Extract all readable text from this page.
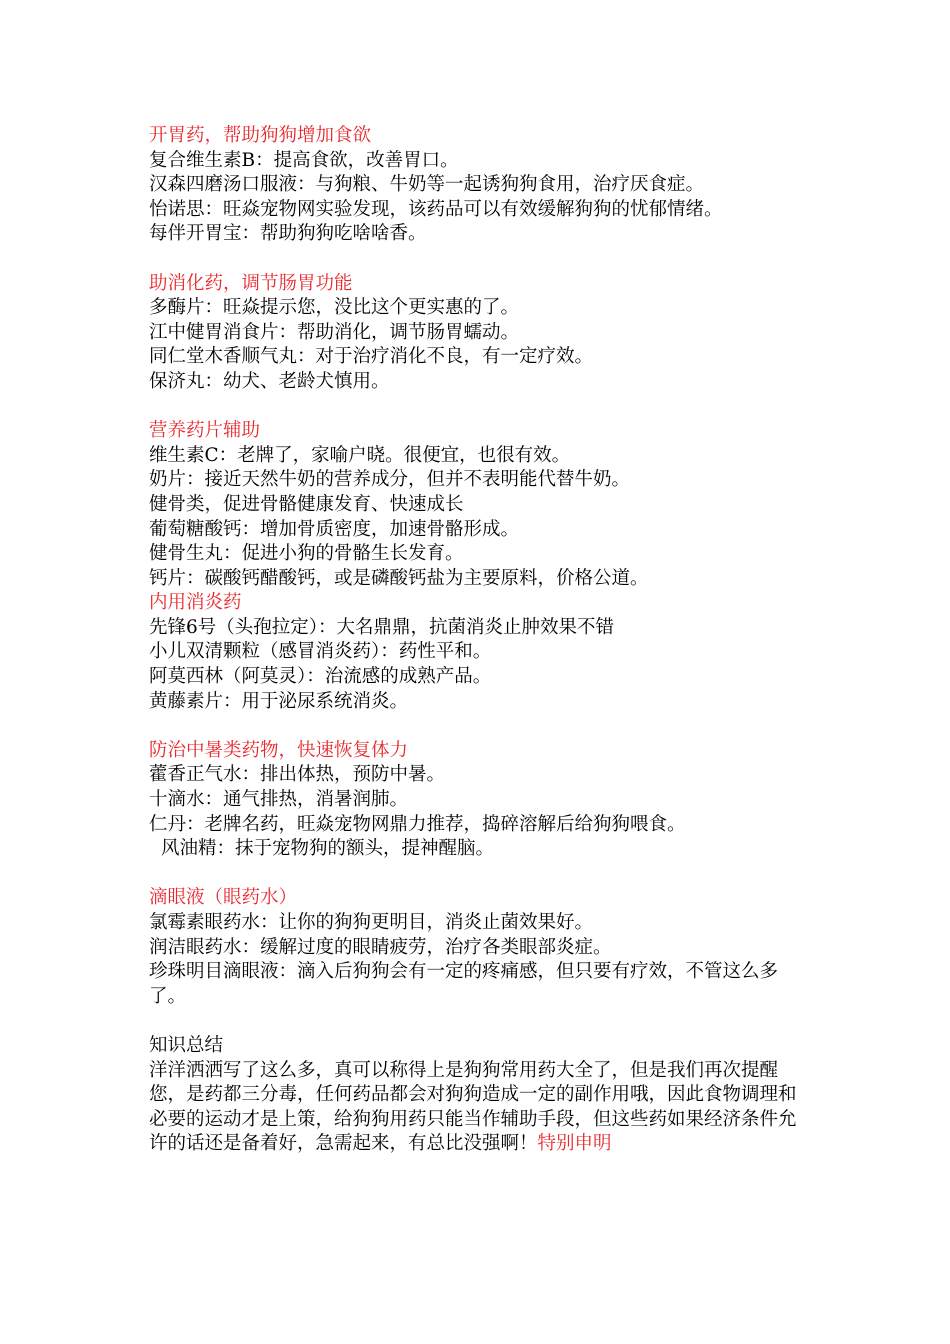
开胃药，帮助狗狗增加食欲

复合维生素B：提高食欲，改善胃口。

汉森四磨汤口服液：与狗粮、牛奶等一起诱狗狗食用，治疗厌食症。

怡诺思：旺焱宠物网实验发现，该药品可以有效缓解狗狗的忧郁情绪。

每伴开胃宝：帮助狗狗吃啥啥香。

助消化药，调节肠胃功能

多酶片：旺焱提示您，没比这个更实惠的了。

江中健胃消食片：帮助消化，调节肠胃蠕动。

同仁堂木香顺气丸：对于治疗消化不良，有一定疗效。

保济丸：幼犬、老龄犬慎用。

营养药片辅助

维生素C：老牌了，家喻户晓。很便宜，也很有效。

奶片：接近天然牛奶的营养成分，但并不表明能代替牛奶。

健骨类，促进骨骼健康发育、快速成长

葡萄糖酸钙：增加骨质密度，加速骨骼形成。

健骨生丸：促进小狗的骨骼生长发育。

钙片：碳酸钙醋酸钙，或是磷酸钙盐为主要原料，价格公道。

内用消炎药

先锋6号（头孢拉定）：大名鼎鼎，抗菌消炎止肿效果不错

小儿双清颗粒（感冒消炎药）：药性平和。

阿莫西林（阿莫灵）：治流感的成熟产品。

黄藤素片：用于泌尿系统消炎。

防治中暑类药物，快速恢复体力

藿香正气水：排出体热，预防中暑。

十滴水：通气排热，消暑润肺。

仁丹：老牌名药，旺焱宠物网鼎力推荐，捣碎溶解后给狗狗喂食。

风油精：抹于宠物狗的额头，提神醒脑。

滴眼液（眼药水）

氯霉素眼药水：让你的狗狗更明目，消炎止菌效果好。

润洁眼药水：缓解过度的眼睛疲劳，治疗各类眼部炎症。

珍珠明目滴眼液：滴入后狗狗会有一定的疼痛感，但只要有疗效，不管这么多了。

知识总结

洋洋洒洒写了这么多，真可以称得上是狗狗常用药大全了，但是我们再次提醒您，是药都三分毒，任何药品都会对狗狗造成一定的副作用哦，因此食物调理和必要的运动才是上策，给狗狗用药只能当作辅助手段，但这些药如果经济条件允许的话还是备着好，急需起来，有总比没强啊！特别申明
